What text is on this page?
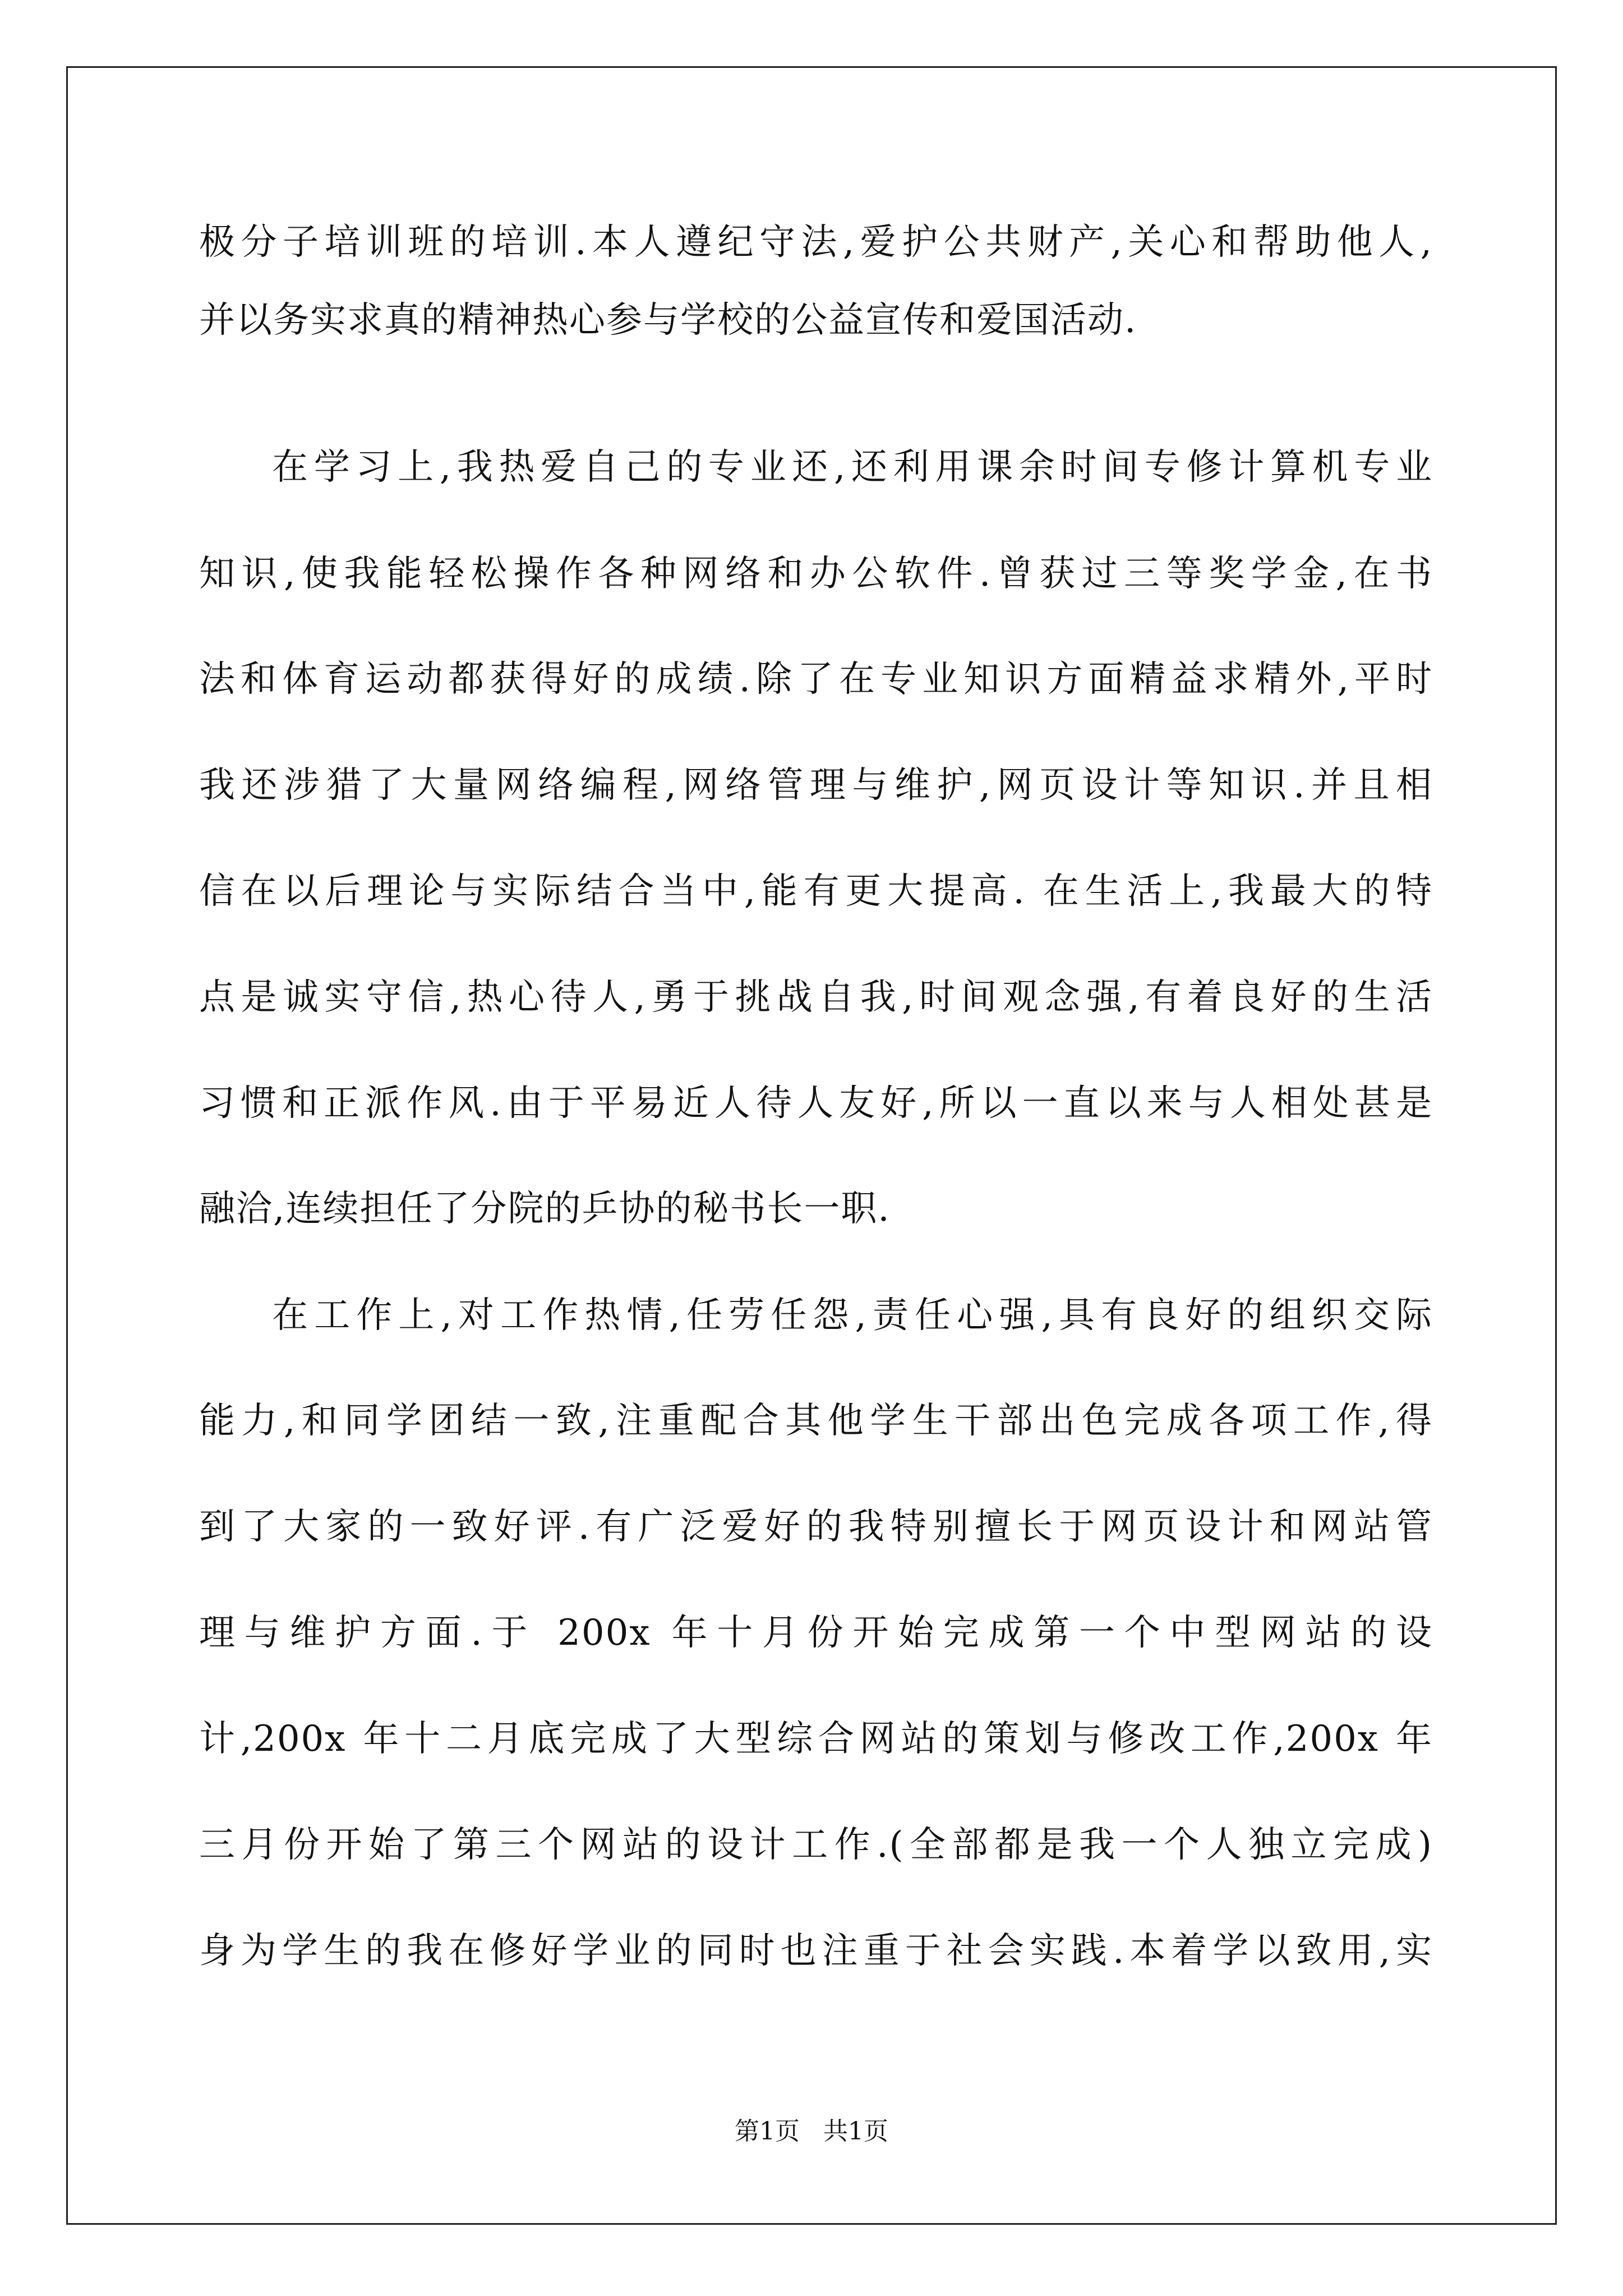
极分子培训班的培训.本人遵纪守法,爱护公共财产,关心和帮助他人,
并以务实求真的精神热心参与学校的公益宣传和爱国活动.
在学习上,我热爱自己的专业还,还利用课余时间专修计算机专业
知识,使我能轻松操作各种网络和办公软件.曾获过三等奖学金,在书
法和体育运动都获得好的成绩.除了在专业知识方面精益求精外,平时
我还涉猎了大量网络编程,网络管理与维护,网页设计等知识.并且相
信在以后理论与实际结合当中,能有更大提高. 在生活上,我最大的特
点是诚实守信,热心待人,勇于挑战自我,时间观念强,有着良好的生活
习惯和正派作风.由于平易近人待人友好,所以一直以来与人相处甚是
融洽,连续担任了分院的乒协的秘书长一职.
在工作上,对工作热情,任劳任怨,责任心强,具有良好的组织交际
能力,和同学团结一致,注重配合其他学生干部出色完成各项工作,得
到了大家的一致好评.有广泛爱好的我特别擅长于网页设计和网站管
理与维护方面.于 200x 年十月份开始完成第一个中型网站的设
计,200x 年十二月底完成了大型综合网站的策划与修改工作,200x 年
三月份开始了第三个网站的设计工作.(全部都是我一个人独立完成)
身为学生的我在修好学业的同时也注重于社会实践.本着学以致用,实
第1页   共1页
